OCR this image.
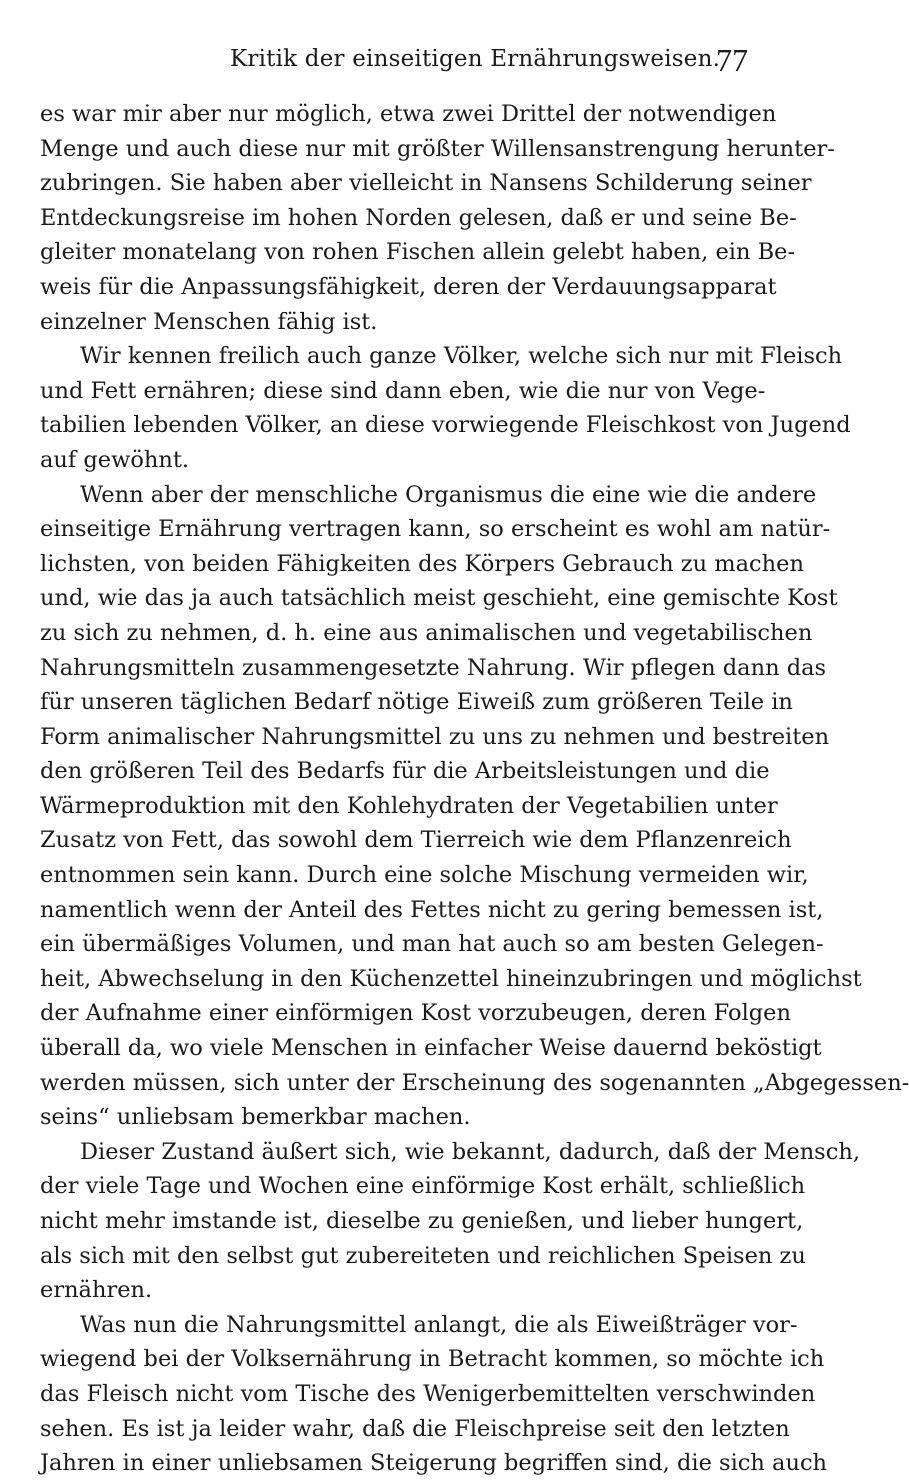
Kritik der einseitigen Ernährungsweisen.
77
es war mir aber nur möglich, etwa zwei Drittel der notwendigen
Menge und auch diese nur mit größter Willensanstrengung herunter-
zubringen. Sie haben aber vielleicht in Nansens Schilderung seiner
Entdeckungsreise im hohen Norden gelesen, daß er und seine Be-
gleiter monatelang von rohen Fischen allein gelebt haben, ein Be-
weis für die Anpassungsfähigkeit, deren der Verdauungsapparat
einzelner Menschen fähig ist.
Wir kennen freilich auch ganze Völker, welche sich nur mit Fleisch
und Fett ernähren; diese sind dann eben, wie die nur von Vege-
tabilien lebenden Völker, an diese vorwiegende Fleischkost von Jugend
auf gewöhnt.
Wenn aber der menschliche Organismus die eine wie die andere
einseitige Ernährung vertragen kann, so erscheint es wohl am natür-
lichsten, von beiden Fähigkeiten des Körpers Gebrauch zu machen
und, wie das ja auch tatsächlich meist geschieht, eine gemischte Kost
zu sich zu nehmen, d. h. eine aus animalischen und vegetabilischen
Nahrungsmitteln zusammengesetzte Nahrung. Wir pflegen dann das
für unseren täglichen Bedarf nötige Eiweiß zum größeren Teile in
Form animalischer Nahrungsmittel zu uns zu nehmen und bestreiten
den größeren Teil des Bedarfs für die Arbeitsleistungen und die
Wärmeproduktion mit den Kohlehydraten der Vegetabilien unter
Zusatz von Fett, das sowohl dem Tierreich wie dem Pflanzenreich
entnommen sein kann. Durch eine solche Mischung vermeiden wir,
namentlich wenn der Anteil des Fettes nicht zu gering bemessen ist,
ein übermäßiges Volumen, und man hat auch so am besten Gelegen-
heit, Abwechselung in den Küchenzettel hineinzubringen und möglichst
der Aufnahme einer einförmigen Kost vorzubeugen, deren Folgen
überall da, wo viele Menschen in einfacher Weise dauernd beköstigt
werden müssen, sich unter der Erscheinung des sogenannten „Abgegessen-
seins“ unliebsam bemerkbar machen.
Dieser Zustand äußert sich, wie bekannt, dadurch, daß der Mensch,
der viele Tage und Wochen eine einförmige Kost erhält, schließlich
nicht mehr imstande ist, dieselbe zu genießen, und lieber hungert,
als sich mit den selbst gut zubereiteten und reichlichen Speisen zu
ernähren.
Was nun die Nahrungsmittel anlangt, die als Eiweißträger vor-
wiegend bei der Volksernährung in Betracht kommen, so möchte ich
das Fleisch nicht vom Tische des Wenigerbemittelten verschwinden
sehen. Es ist ja leider wahr, daß die Fleischpreise seit den letzten
Jahren in einer unliebsamen Steigerung begriffen sind, die sich auch
